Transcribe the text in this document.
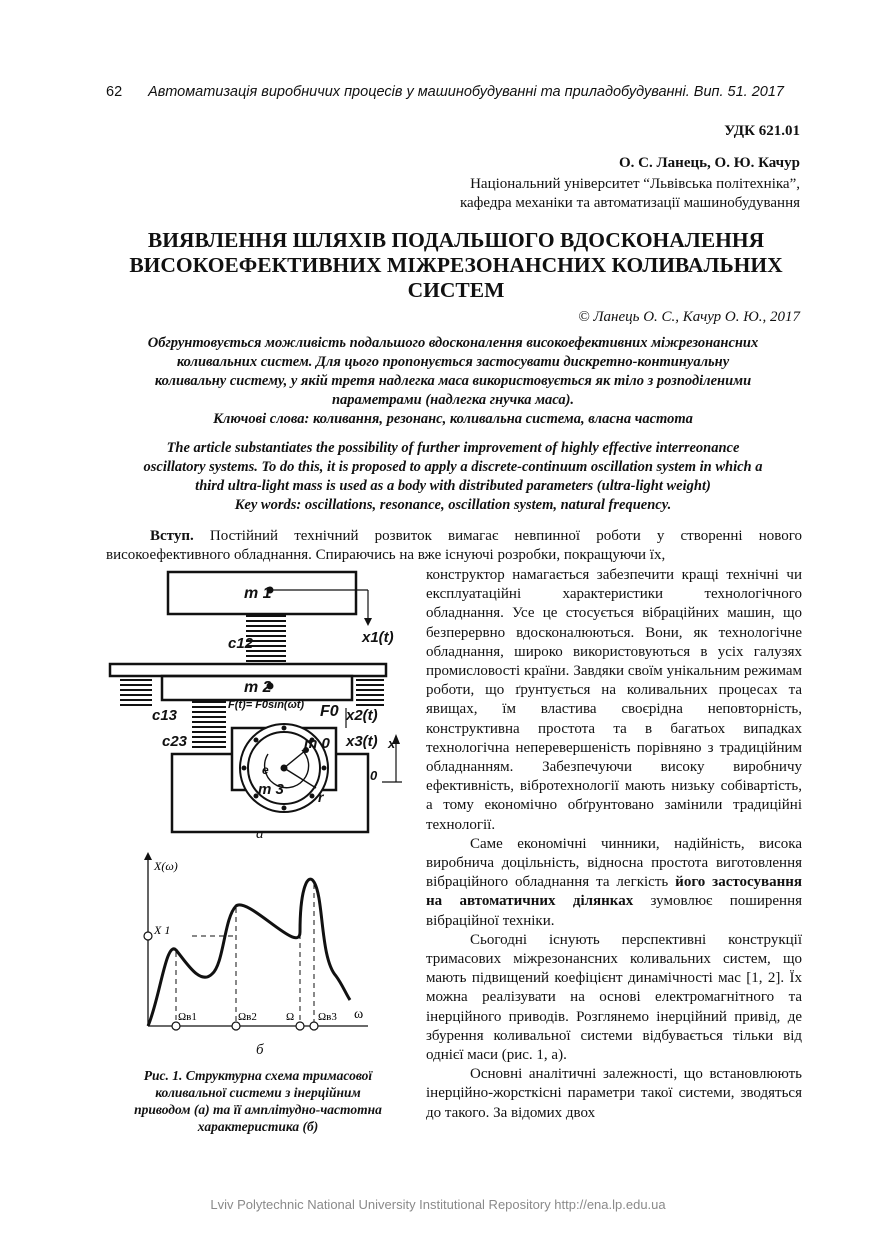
62 Автоматизація виробничих процесів у машинобудуванні та приладобудуванні. Вип. 51. 2017
УДК 621.01
О. С. Ланець, О. Ю. Качур
Національний університет “Львівська політехніка”,
кафедра механіки та автоматизації машинобудування
ВИЯВЛЕННЯ ШЛЯХІВ ПОДАЛЬШОГО ВДОСКОНАЛЕННЯ
ВИСОКОЕФЕКТИВНИХ МІЖРЕЗОНАНСНИХ КОЛИВАЛЬНИХ
СИСТЕМ
© Ланець О. С., Качур О. Ю., 2017
Обгрунтовується можливість подальшого вдосконалення високоефективних міжрезонансних
коливальних систем. Для цього пропонується застосувати дискретно-континуальну
коливальну систему, у якій третя надлегка маса використовується як тіло з розподіленими
параметрами (надлегка гнучка маса).
Ключові слова: коливання, резонанс, коливальна система, власна частота
The article substantiates the possibility of further improvement of highly effective interreonance
oscillatory systems. To do this, it is proposed to apply a discrete-continuum oscillation system in which a
third ultra-light mass is used as a body with distributed parameters (ultra-light weight)
Key words: oscillations, resonance, oscillation system, natural frequency.
Вступ. Постійний технічний розвиток вимагає невпинної роботи у створенні нового високоефективного обладнання. Спираючись на вже існуючі розробки, покращуючи їх,
конструктор намагається забезпечити кращі технічні чи експлуатаційні характеристики технологічного обладнання. Усе це стосується вібраційних машин, що безперервно вдосконалюються. Вони, як технологічне обладнання, широко використовуються в усіх галузях промисловості країни. Завдяки своїм унікальним режимам роботи, що ґрунтується на коливальних процесах та явищах, їм властива своєрідна неповторність, конструктивна простота та в багатьох випадках технологічна неперевершеність порівняно з традиційним обладнанням. Забезпечуючи високу виробничу ефективність, вібротехнології мають низьку собівартість, а тому економічно обґрунтовано замінили традиційні технології.
Саме економічні чинники, надійність, висока виробнича доцільність, відносна простота виготовлення вібраційного обладнання та легкість його застосування на автоматичних ділянках зумовлює поширення вібраційної техніки.
Сьогодні існують перспективні конструкції тримасових міжрезонансних коливальних систем, що мають підвищений коефіцієнт динамічності мас [1, 2]. Їх можна реалізувати на основі електромагнітного та інерційного приводів. Розглянемо інерційний привід, де збурення коливальної системи відбувається тільки від однієї маси (рис. 1, а).
Основні аналітичні залежності, що встановлюють інерційно-жорсткісні параметри такої системи, зводяться до такого. За відомих двох
m 1
x1(t)
c12
m 2
c13
c23
F(t)= F0sin(ωt) F0 x2(t)
x3(t) x
0
m 3
m 0
r
e
а
X(ω)
ω
X 1
Ωв1	Ωв2	Ω Ωв3
б
Рис. 1. Структурна схема тримасової
коливальної системи з інерційним
приводом (а) та її амплітудно-частотна
характеристика (б)
Lviv Polytechnic National University Institutional Repository http://ena.lp.edu.ua
